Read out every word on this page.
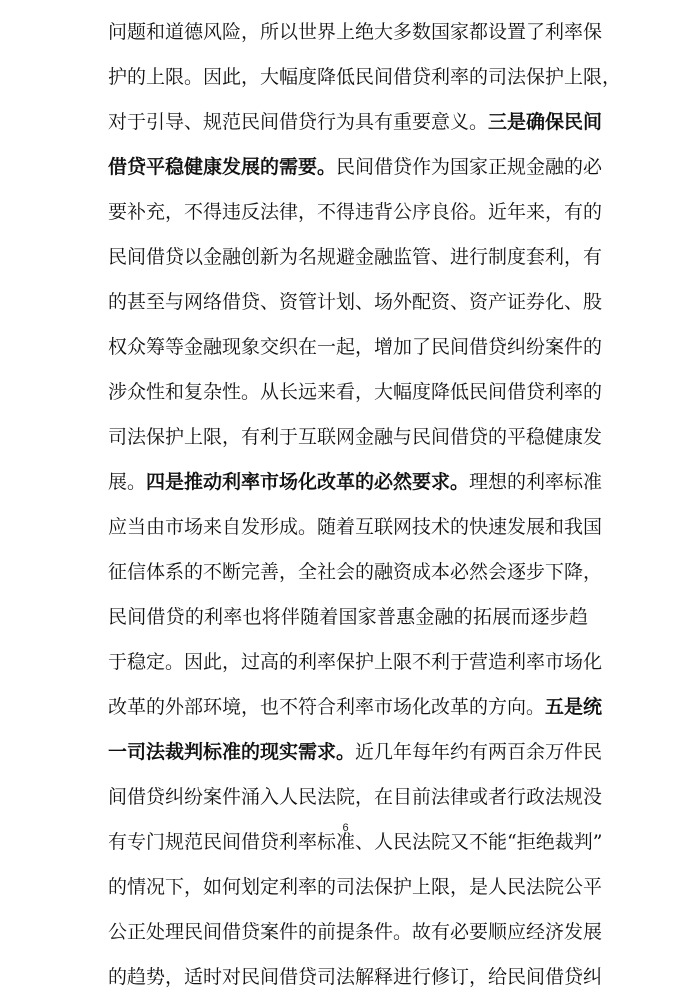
问题和道德风险，所以世界上绝大多数国家都设置了利率保
护的上限。因此，大幅度降低民间借贷利率的司法保护上限，
对于引导、规范民间借贷行为具有重要意义。三是确保民间
借贷平稳健康发展的需要。民间借贷作为国家正规金融的必
要补充，不得违反法律，不得违背公序良俗。近年来，有的
民间借贷以金融创新为名规避金融监管、进行制度套利，有
的甚至与网络借贷、资管计划、场外配资、资产证券化、股
权众筹等金融现象交织在一起，增加了民间借贷纠纷案件的
涉众性和复杂性。从长远来看，大幅度降低民间借贷利率的
司法保护上限，有利于互联网金融与民间借贷的平稳健康发
展。四是推动利率市场化改革的必然要求。理想的利率标准
应当由市场来自发形成。随着互联网技术的快速发展和我国
征信体系的不断完善，全社会的融资成本必然会逐步下降，
民间借贷的利率也将伴随着国家普惠金融的拓展而逐步趋
于稳定。因此，过高的利率保护上限不利于营造利率市场化
改革的外部环境，也不符合利率市场化改革的方向。五是统
一司法裁判标准的现实需求。近几年每年约有两百余万件民
间借贷纠纷案件涌入人民法院，在目前法律或者行政法规没
有专门规范民间借贷利率标准、人民法院又不能“拒绝裁判”
的情况下，如何划定利率的司法保护上限，是人民法院公平
公正处理民间借贷案件的前提条件。故有必要顺应经济发展
的趋势，适时对民间借贷司法解释进行修订，给民间借贷纠
6
